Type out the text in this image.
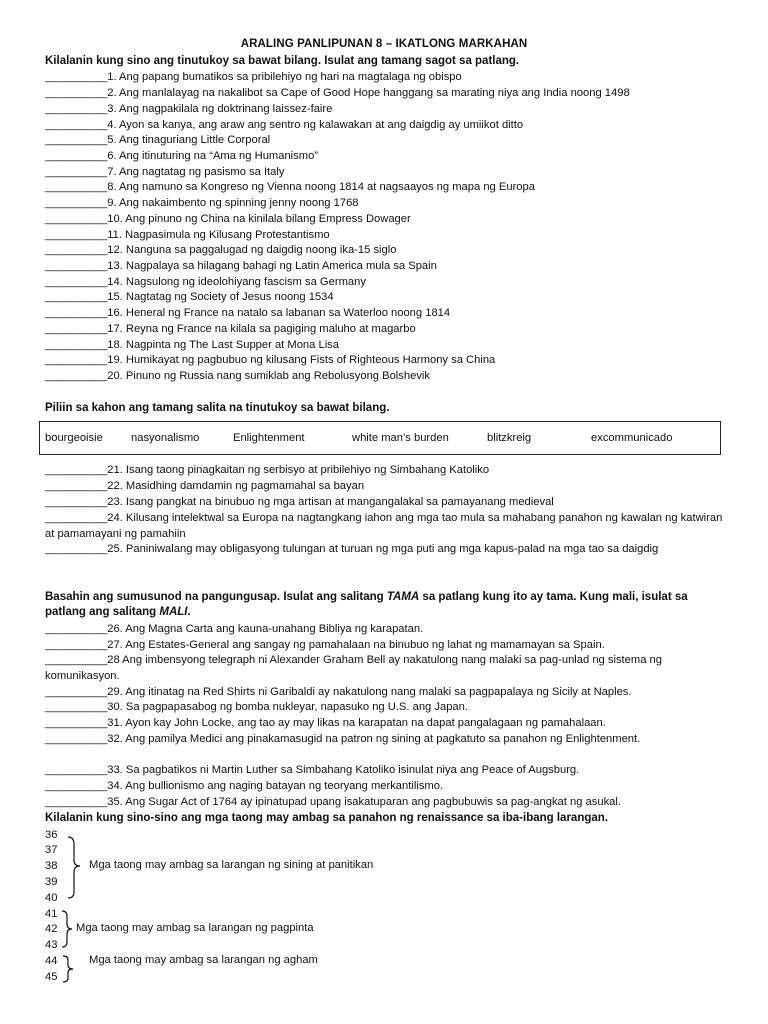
ARALING PANLIPUNAN 8 – IKATLONG MARKAHAN
Kilalanin kung sino ang tinutukoy sa bawat bilang. Isulat ang tamang sagot sa patlang.
__________1. Ang papang bumatikos sa pribilehiyo ng hari na magtalaga ng obispo
__________2. Ang manlalayag na nakalibot sa Cape of Good Hope hanggang sa marating niya ang India noong 1498
__________3. Ang nagpakilala ng doktrinang laissez-faire
__________4. Ayon sa kanya, ang araw ang sentro ng kalawakan at ang daigdig ay umiikot ditto
__________5. Ang tinaguriang Little Corporal
__________6. Ang itinuturing na “Ama ng Humanismo”
__________7. Ang nagtatag ng pasismo sa Italy
__________8. Ang namuno sa Kongreso ng Vienna noong 1814 at nagsaayos ng mapa ng Europa
__________9. Ang nakaimbento ng spinning jenny noong 1768
__________10. Ang pinuno ng China na kinilala bilang Empress Dowager
__________11. Nagpasimula ng Kilusang Protestantismo
__________12. Nanguna sa paggalugad ng daigdig noong ika-15 siglo
__________13. Nagpalaya sa hilagang bahagi ng Latin America mula sa Spain
__________14. Nagsulong ng ideolohiyang fascism sa Germany
__________15. Nagtatag ng Society of Jesus noong 1534
__________16. Heneral ng France na natalo sa labanan sa Waterloo noong 1814
__________17. Reyna ng France na kilala sa pagiging maluho at magarbo
__________18. Nagpinta ng The Last Supper at Mona Lisa
__________19. Humikayat ng pagbubuo ng kilusang Fists of Righteous Harmony sa China
__________20. Pinuno ng Russia nang sumiklab ang Rebolusyong Bolshevik
Piliin sa kahon ang tamang salita na tinutukoy sa bawat bilang.
bourgeoisie	nasyonalismo	Enlightenment	white man’s burden	blitzkreig	excommunicado
__________21. Isang taong pinagkaitan ng serbisyo at pribilehiyo ng Simbahang Katoliko
__________22. Masidhing damdamin ng pagmamahal sa bayan
__________23. Isang pangkat na binubuo ng mga artisan at mangangalakal sa pamayanang medieval
__________24. Kilusang intelektwal sa Europa na nagtangkang iahon ang mga tao mula sa mahabang panahon ng kawalan ng katwiran at pamamayani ng pamahiin
__________25. Paniniwalang may obligasyong tulungan at turuan ng mga puti ang mga kapus-palad na mga tao sa daigdig
Basahin ang sumusunod na pangungusap. Isulat ang salitang TAMA sa patlang kung ito ay tama. Kung mali, isulat sa patlang ang salitang MALI.
__________26. Ang Magna Carta ang kauna-unahang Bibliya ng karapatan.
__________27. Ang Estates-General ang sangay ng pamahalaan na binubuo ng lahat ng mamamayan sa Spain.
__________28 Ang imbensyong telegraph ni Alexander Graham Bell ay nakatulong nang malaki sa pag-unlad ng sistema ng komunikasyon.
__________29. Ang itinatag na Red Shirts ni Garibaldi ay nakatulong nang malaki sa pagpapalaya ng Sicily at Naples.
__________30. Sa pagpapasabog ng bomba nukleyar, napasuko ng U.S. ang Japan.
__________31. Ayon kay John Locke, ang tao ay may likas na karapatan na dapat pangalagaan ng pamahalaan.
__________32. Ang pamilya Medici ang pinakamasugid na patron ng sining at pagkatuto sa panahon ng Enlightenment.
__________33. Sa pagbatikos ni Martin Luther sa Simbahang Katoliko isinulat niya ang Peace of Augsburg.
__________34. Ang bullionismo ang naging batayan ng teoryang merkantilismo.
__________35. Ang Sugar Act of 1764 ay ipinatupad upang isakatuparan ang pagbubuwis sa pag-angkat ng asukal.
Kilalanin kung sino-sino ang mga taong may ambag sa panahon ng renaissance sa iba-ibang larangan.
36
37
38
39
40
Mga taong may ambag sa larangan ng sining at panitikan
41
42
43
Mga taong may ambag sa larangan ng pagpinta
44
45
Mga taong may ambag sa larangan ng agham
